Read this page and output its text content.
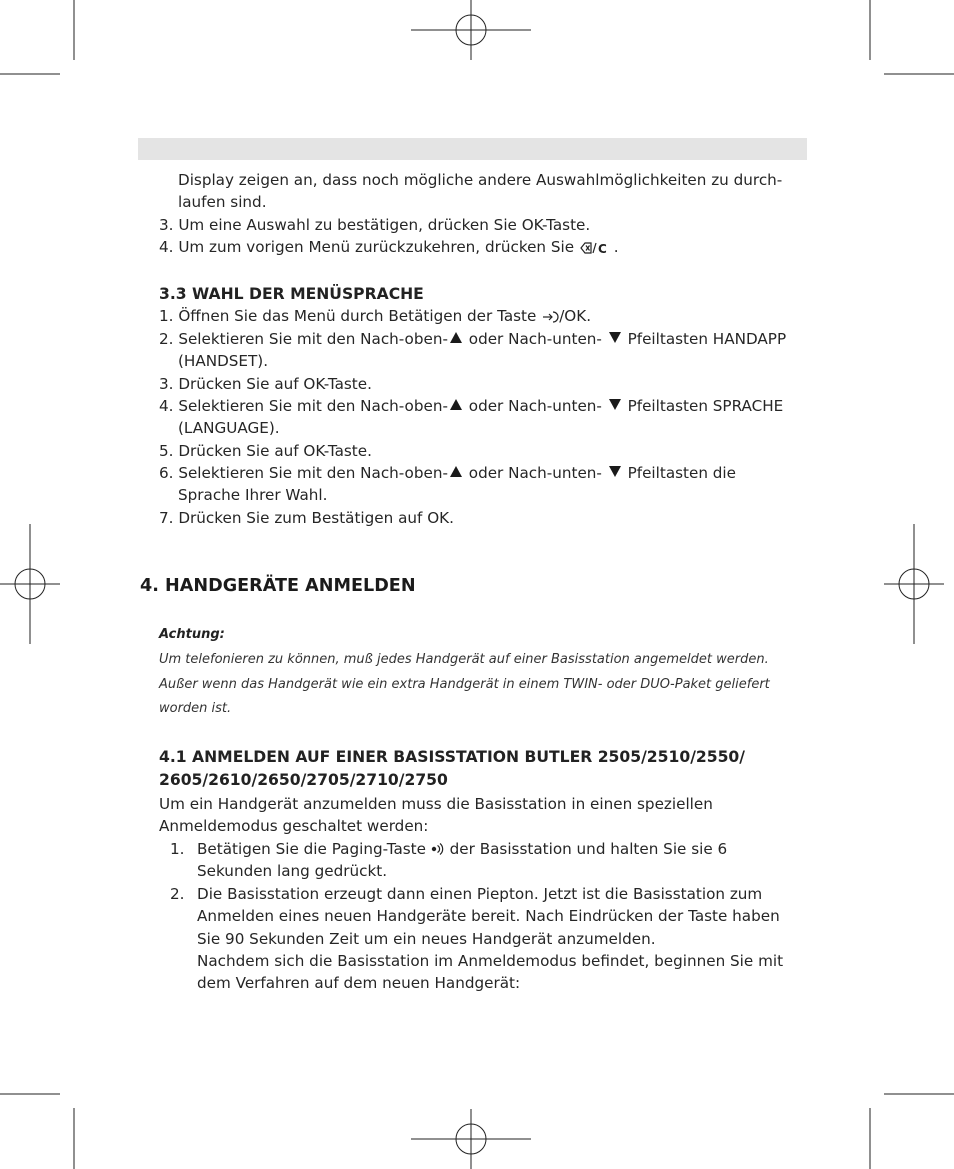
Display zeigen an, dass noch mögliche andere Auswahlmöglichkeiten zu durch-
laufen sind.
3. Um eine Auswahl zu bestätigen, drücken Sie OK-Taste.
4. Um zum vorigen Menü zurückzukehren, drücken Sie C .
3.3 WAHL DER MENÜSPRACHE
1. Öffnen Sie das Menü durch Betätigen der Taste /OK.
2. Selektieren Sie mit den Nach-oben- oder Nach-unten- Pfeiltasten HANDAPP
(HANDSET).
3. Drücken Sie auf OK-Taste.
4. Selektieren Sie mit den Nach-oben- oder Nach-unten- Pfeiltasten SPRACHE
(LANGUAGE).
5. Drücken Sie auf OK-Taste.
6. Selektieren Sie mit den Nach-oben- oder Nach-unten- Pfeiltasten die
Sprache Ihrer Wahl.
7. Drücken Sie zum Bestätigen auf OK.
4. HANDGERÄTE ANMELDEN
Achtung:
Um telefonieren zu können, muß jedes Handgerät auf einer Basisstation angemeldet werden.
Außer wenn das Handgerät wie ein extra Handgerät in einem TWIN- oder DUO-Paket geliefert
worden ist.
4.1 ANMELDEN AUF EINER BASISSTATION BUTLER 2505/2510/2550/
2605/2610/2650/2705/2710/2750
Um ein Handgerät anzumelden muss die Basisstation in einen speziellen
Anmeldemodus geschaltet werden:
1. Betätigen Sie die Paging-Taste der Basisstation und halten Sie sie 6
Sekunden lang gedrückt.
2. Die Basisstation erzeugt dann einen Piepton. Jetzt ist die Basisstation zum
Anmelden eines neuen Handgeräte bereit. Nach Eindrücken der Taste haben
Sie 90 Sekunden Zeit um ein neues Handgerät anzumelden.
Nachdem sich die Basisstation im Anmeldemodus befindet, beginnen Sie mit
dem Verfahren auf dem neuen Handgerät:
